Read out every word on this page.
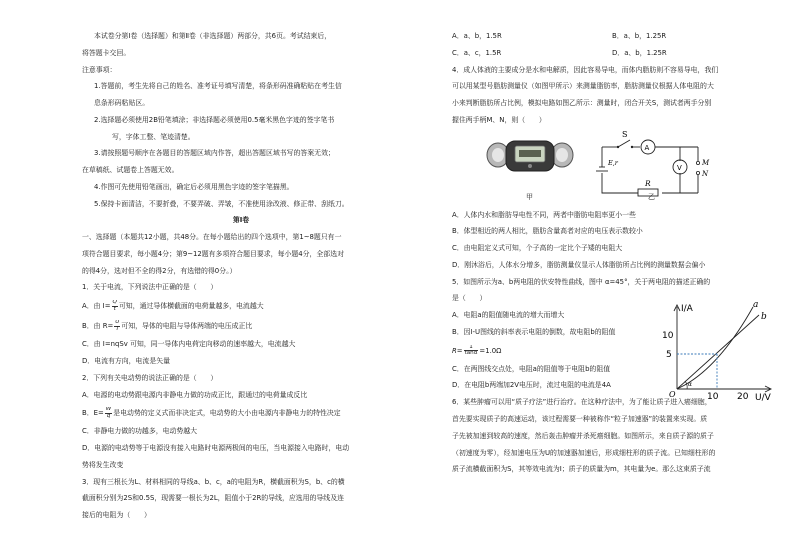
本试卷分第Ⅰ卷（选择题）和第Ⅱ卷（非选择题）两部分，共6页。考试结束后，
将答题卡交回。
注意事项：
1.答题前，考生先将自己的姓名、准考证号填写清楚，将条形码准确粘贴在考生信
息条形码粘贴区。
2.选择题必须使用2B铅笔填涂；非选择题必须使用0.5毫米黑色字迹的签字笔书
写，字体工整、笔迹清楚。
3.请按照题号顺序在各题目的答题区域内作答，超出答题区域书写的答案无效；
在草稿纸、试题卷上答题无效。
4.作图可先使用铅笔画出，确定后必须用黑色字迹的签字笔描黑。
5.保持卡面清洁，不要折叠，不要弄破、弄皱，不准使用涂改液、修正带、刮纸刀。
第Ⅰ卷
一、选择题（本题共12小题，共48分。在每小题给出的四个选项中，第1~8题只有一
项符合题目要求，每小题4分；第9~12题有多项符合题目要求，每小题4分，全部选对
的得4分，选对但不全的得2分，有选错的得0分。）
1．关于电流，下列说法中正确的是（　　）
A．由 $I= \frac{Q}{t}$ 可知，通过导体横截面的电荷量越多，电流越大
B．由 $R= \frac{U}{I}$ 可知，导体的电阻与导体两端的电压成正比
C．由 I=nqSv 可知，同一导体内电荷定向移动的速率越大，电流越大
D．电流有方向，电流是矢量
2．下列有关电动势的说法正确的是（　　）
A．电源的电动势跟电源内非静电力做的功成正比，跟通过的电荷量成反比
B．$E= \frac{W}{q}$ 是电动势的定义式而非决定式，电动势的大小由电源内非静电力的特性决定
C．非静电力做的功越多，电动势越大
D．电源的电动势等于电源没有接入电路时电源两极间的电压，当电源接入电路时，电动
势将发生改变
3．现有三根长为L、材料相同的导线a、b、c，a的电阻为R，横截面积为S，b、c的横
截面积分别为2S和0.5S，现需要一根长为2L，阻值小于2R的导线，应选用的导线及连
接后的电阻为（　　）
A．a、b，1.5R	B．a、b，1.25R
C．a、c，1.5R	D．a、b，1.25R
4．成人体液的主要成分是水和电解质，因此容易导电，而体内脂肪则不容易导电，我们
可以用某型号脂肪测量仪（如图甲所示）来测量脂肪率，脂肪测量仪根据人体电阻的大
小来判断脂肪所占比例，模拟电路如图乙所示：测量时，闭合开关S，测试者两手分别
握住两手柄M、N，则（　　）
甲
S
A
V
E,r
R
M
N
乙
A．人体内水和脂肪导电性不同，两者中脂肪电阻率更小一些
B．体型相近的两人相比，脂肪含量高者对应的电压表示数较小
C．由电阻定义式可知，个子高的一定比个子矮的电阻大
D．刚沐浴后，人体水分增多，脂肪测量仪显示人体脂肪所占比例的测量数据会偏小
5．如图所示为a、b两电阻的伏安特性曲线，图中 α=45°，关于两电阻的描述正确的
是（　　）
A．电阻a的阻值随电流的增大而增大
B．因I-U图线的斜率表示电阻的倒数，故电阻b的阻值
$R= \frac{1}{\tan\alpha} =1.0\Omega$
C．在两图线交点处，电阻a的阻值等于电阻b的阻值
D．在电阻b两端加2V电压时，流过电阻的电流是4A
I/A
U/V
10
5
10 20
O
a
b
α
6．某些肿瘤可以用“质子疗法”进行治疗。在这种疗法中，为了能让质子进入癌细胞，
首先要实现质子的高速运动，该过程需要一种被称作“粒子加速器”的装置来实现。质
子先被加速到较高的速度，然后轰击肿瘤并杀死癌细胞。如图所示，来自质子源的质子
（初速度为零），经加速电压为U的加速器加速后，形成细柱形的质子流。已知细柱形的
质子流横截面积为S，其等效电流为I；质子的质量为m，其电量为e。那么这束质子流
